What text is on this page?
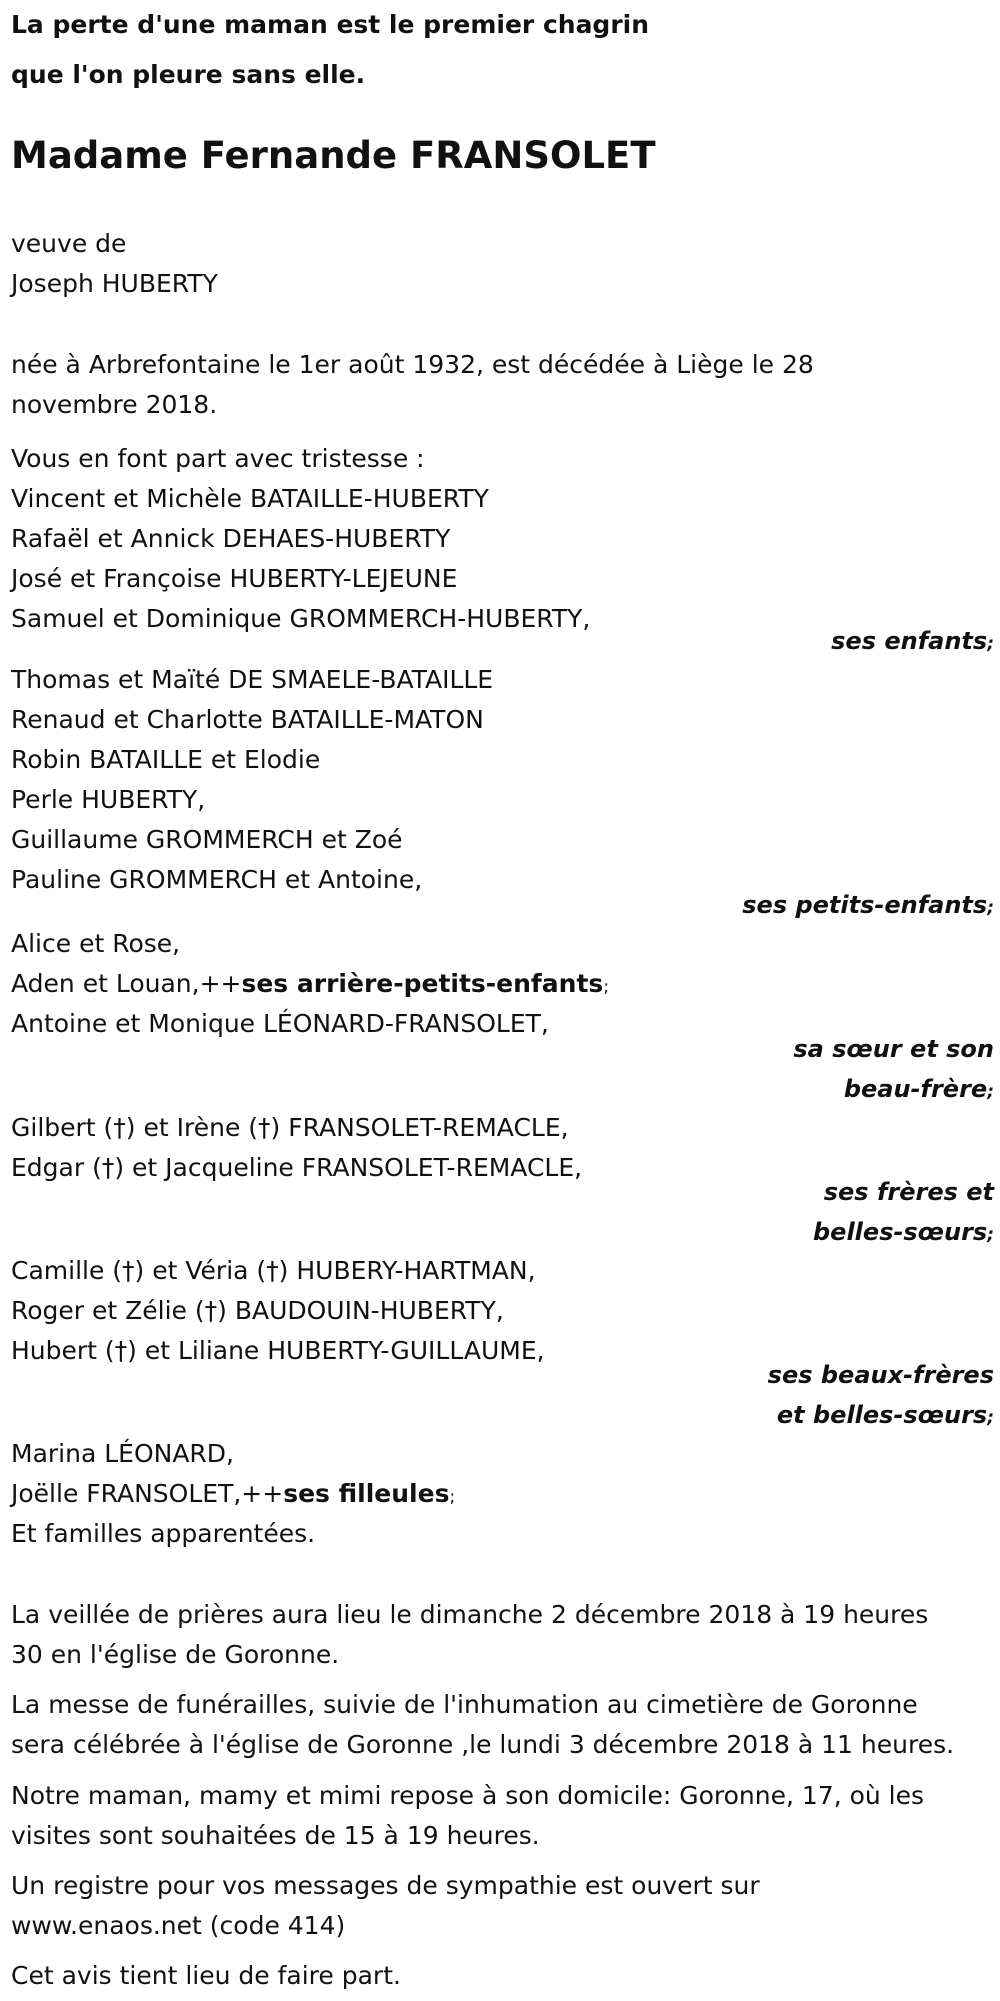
La perte d'une maman est le premier chagrin
que l'on pleure sans elle.
Madame Fernande FRANSOLET
veuve de
Joseph HUBERTY
née à Arbrefontaine le 1er août 1932, est décédée à Liège le 28
novembre 2018.
Vous en font part avec tristesse :
Vincent et Michèle BATAILLE-HUBERTY
Rafaël et Annick DEHAES-HUBERTY
José et Françoise HUBERTY-LEJEUNE
Samuel et Dominique GROMMERCH-HUBERTY,
ses enfants;
Thomas et Maïté DE SMAELE-BATAILLE
Renaud et Charlotte BATAILLE-MATON
Robin BATAILLE et Elodie
Perle HUBERTY,
Guillaume GROMMERCH et Zoé
Pauline GROMMERCH et Antoine,
ses petits-enfants;
Alice et Rose,
Aden et Louan,++ses arrière-petits-enfants;
Antoine et Monique LÉONARD-FRANSOLET,
sa sœur et son
beau-frère;
Gilbert (†) et Irène (†) FRANSOLET-REMACLE,
Edgar (†) et Jacqueline FRANSOLET-REMACLE,
ses frères et
belles-sœurs;
Camille (†) et Véria (†) HUBERY-HARTMAN,
Roger et Zélie (†) BAUDOUIN-HUBERTY,
Hubert (†) et Liliane HUBERTY-GUILLAUME,
ses beaux-frères
et belles-sœurs;
Marina LÉONARD,
Joëlle FRANSOLET,++ses filleules;
Et familles apparentées.
La veillée de prières aura lieu le dimanche 2 décembre 2018 à 19 heures
30 en l'église de Goronne.
La messe de funérailles, suivie de l'inhumation au cimetière de Goronne
sera célébrée à l'église de Goronne ,le lundi 3 décembre 2018 à 11 heures.
Notre maman, mamy et mimi repose à son domicile: Goronne, 17, où les
visites sont souhaitées de 15 à 19 heures.
Un registre pour vos messages de sympathie est ouvert sur
www.enaos.net (code 414)
Cet avis tient lieu de faire part.
